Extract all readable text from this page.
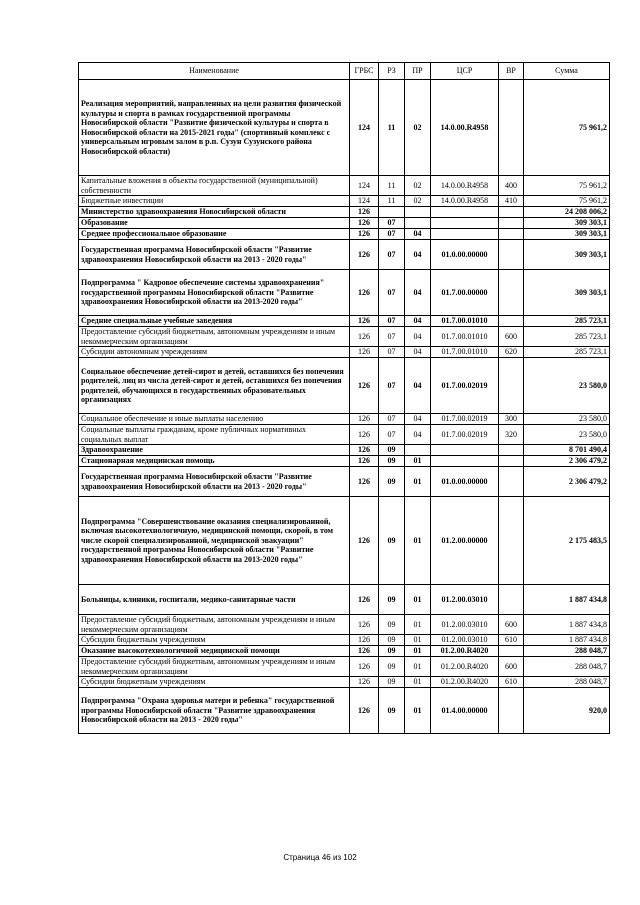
Наименование	ГРБС	РЗ	ПР	ЦСР	ВР	Сумма
Реализация мероприятий, направленных на цели развития физической культуры и спорта в рамках государственной программы Новосибирской области "Развитие физической культуры и спорта в Новосибирской области на 2015-2021 годы" (спортивный комплекс с универсальным игровым залом в р.п. Сузун Сузунского района Новосибирской области)	124	11	02	14.0.00.R4958		75 961,2
Капитальные вложения в объекты государственной (муниципальной) собственности	124	11	02	14.0.00.R4958	400	75 961,2
Бюджетные инвестиции	124	11	02	14.0.00.R4958	410	75 961,2
Министерство здравоохранения Новосибирской области	126					24 208 006,2
Образование	126	07				309 303,1
Среднее профессиональное образование	126	07	04			309 303,1
Государственная программа Новосибирской области "Развитие здравоохранения Новосибирской области на 2013 - 2020 годы"	126	07	04	01.0.00.00000		309 303,1
Подпрограмма " Кадровое обеспечение системы здравоохранения" государственной программы Новосибирской области "Развитие здравоохранения Новосибирской области на 2013-2020 годы"	126	07	04	01.7.00.00000		309 303,1
Средние специальные учебные заведения	126	07	04	01.7.00.01010		285 723,1
Предоставление субсидий бюджетным, автономным учреждениям и иным некоммерческим организациям	126	07	04	01.7.00.01010	600	285 723,1
Субсидии автономным учреждениям	126	07	04	01.7.00.01010	620	285 723,1
Социальное обеспечение детей-сирот и детей, оставшихся без попечения родителей, лиц из числа детей-сирот и детей, оставшихся без попечения родителей, обучающихся в государственных образовательных организациях	126	07	04	01.7.00.02019		23 580,0
Социальное обеспечение и иные выплаты населению	126	07	04	01.7.00.02019	300	23 580,0
Социальные выплаты гражданам, кроме публичных нормативных социальных выплат	126	07	04	01.7.00.02019	320	23 580,0
Здравоохранение	126	09				8 701 490,4
Стационарная медицинская помощь	126	09	01			2 306 479,2
Государственная программа Новосибирской области "Развитие здравоохранения Новосибирской области на 2013 - 2020 годы"	126	09	01	01.0.00.00000		2 306 479,2
Подпрограмма "Совершенствование оказания специализированной, включая высокотехнологичную, медицинской помощи, скорой, в том числе скорой специализированной, медицинской эвакуации" государственной программы Новосибирской области "Развитие здравоохранения Новосибирской области на 2013-2020 годы"	126	09	01	01.2.00.00000		2 175 483,5
Больницы, клиники, госпитали, медико-санитарные части	126	09	01	01.2.00.03010		1 887 434,8
Предоставление субсидий бюджетным, автономным учреждениям и иным некоммерческим организациям	126	09	01	01.2.00.03010	600	1 887 434,8
Субсидии бюджетным учреждениям	126	09	01	01.2.00.03010	610	1 887 434,8
Оказание высокотехнологичной медицинской помощи	126	09	01	01.2.00.R4020		288 048,7
Предоставление субсидий бюджетным, автономным учреждениям и иным некоммерческим организациям	126	09	01	01.2.00.R4020	600	288 048,7
Субсидии бюджетным учреждениям	126	09	01	01.2.00.R4020	610	288 048,7
Подпрограмма "Охрана здоровья матери и ребенка" государственной программы Новосибирской области "Развитие здравоохранения Новосибирской области на 2013 - 2020 годы"	126	09	01	01.4.00.00000		920,0
Страница 46 из 102
